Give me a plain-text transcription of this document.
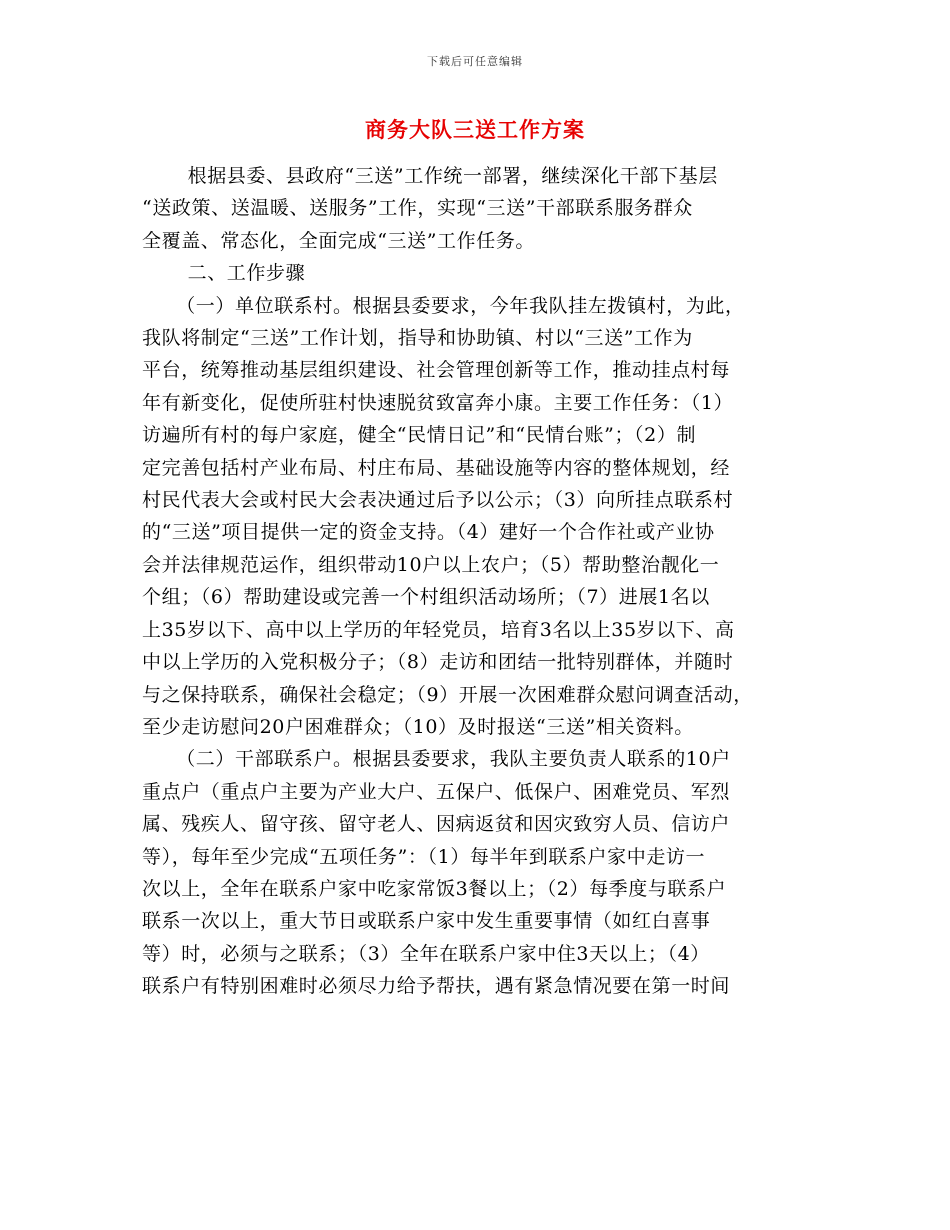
下载后可任意编辑
商务大队三送工作方案
根据县委、县政府“三送”工作统一部署，继续深化干部下基层
“送政策、送温暖、送服务”工作，实现“三送”干部联系服务群众
全覆盖、常态化，全面完成“三送”工作任务。
二、工作步骤
（一）单位联系村。根据县委要求，今年我队挂左拨镇村，为此，
我队将制定“三送”工作计划，指导和协助镇、村以“三送”工作为
平台，统筹推动基层组织建设、社会管理创新等工作，推动挂点村每
年有新变化，促使所驻村快速脱贫致富奔小康。主要工作任务：（1）
访遍所有村的每户家庭，健全“民情日记”和“民情台账”；（2）制
定完善包括村产业布局、村庄布局、基础设施等内容的整体规划，经
村民代表大会或村民大会表决通过后予以公示；（3）向所挂点联系村
的“三送”项目提供一定的资金支持。（4）建好一个合作社或产业协
会并法律规范运作，组织带动10户以上农户；（5）帮助整治靓化一
个组；（6）帮助建设或完善一个村组织活动场所；（7）进展1名以
上35岁以下、高中以上学历的年轻党员，培育3名以上35岁以下、高
中以上学历的入党积极分子；（8）走访和团结一批特别群体，并随时
与之保持联系，确保社会稳定；（9）开展一次困难群众慰问调查活动，
至少走访慰问20户困难群众；（10）及时报送“三送”相关资料。
（二）干部联系户。根据县委要求，我队主要负责人联系的10户
重点户（重点户主要为产业大户、五保户、低保户、困难党员、军烈
属、残疾人、留守孩、留守老人、因病返贫和因灾致穷人员、信访户
等），每年至少完成“五项任务”：（1）每半年到联系户家中走访一
次以上，全年在联系户家中吃家常饭3餐以上；（2）每季度与联系户
联系一次以上，重大节日或联系户家中发生重要事情（如红白喜事
等）时，必须与之联系；（3）全年在联系户家中住3天以上；（4）
联系户有特别困难时必须尽力给予帮扶，遇有紧急情况要在第一时间
